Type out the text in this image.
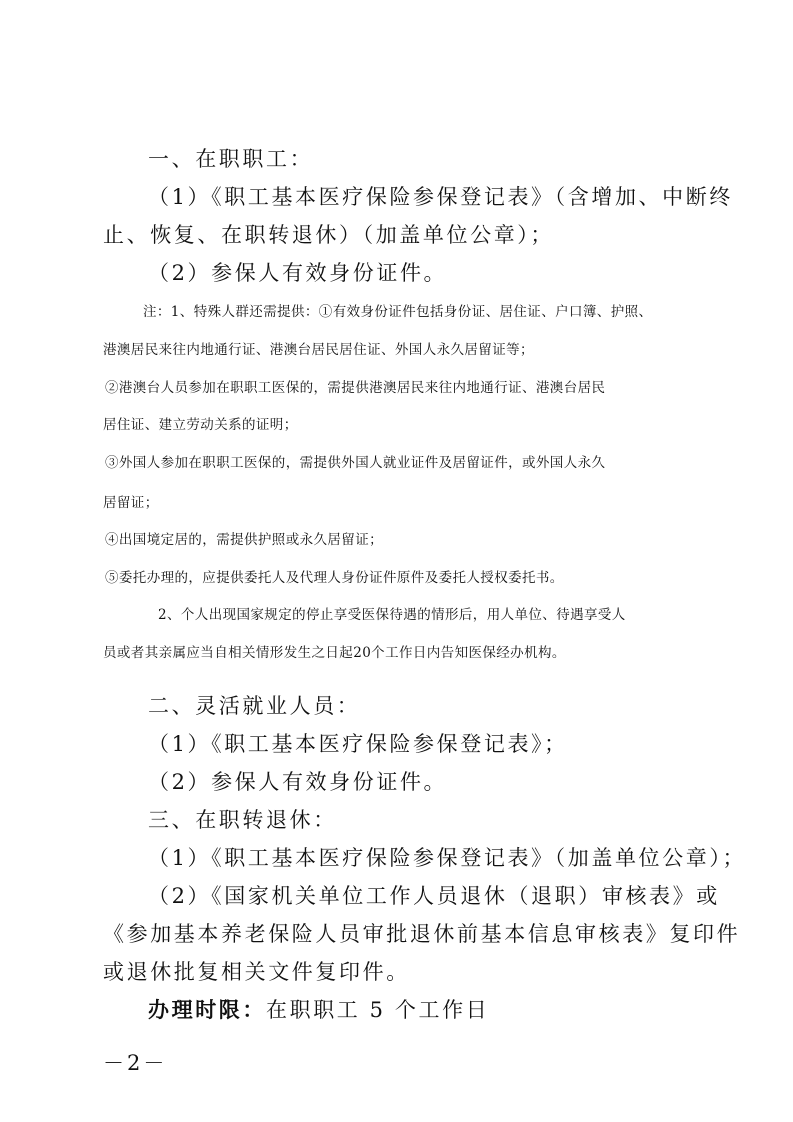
一、在职职工：

（1）《职工基本医疗保险参保登记表》（含增加、中断终

止、恢复、在职转退休）（加盖单位公章）；

（2）参保人有效身份证件。

注：1、特殊人群还需提供：①有效身份证件包括身份证、居住证、户口簿、护照、

港澳居民来往内地通行证、港澳台居民居住证、外国人永久居留证等；

②港澳台人员参加在职职工医保的，需提供港澳居民来往内地通行证、港澳台居民

居住证、建立劳动关系的证明；

③外国人参加在职职工医保的，需提供外国人就业证件及居留证件，或外国人永久

居留证；

④出国境定居的，需提供护照或永久居留证；

⑤委托办理的，应提供委托人及代理人身份证件原件及委托人授权委托书。

2、个人出现国家规定的停止享受医保待遇的情形后，用人单位、待遇享受人

员或者其亲属应当自相关情形发生之日起20个工作日内告知医保经办机构。

二、灵活就业人员：

（1）《职工基本医疗保险参保登记表》；

（2）参保人有效身份证件。

三、在职转退休：

（1）《职工基本医疗保险参保登记表》（加盖单位公章）；

（2）《国家机关单位工作人员退休（退职）审核表》或

《参加基本养老保险人员审批退休前基本信息审核表》复印件

或退休批复相关文件复印件。

办理时限：在职职工 5 个工作日

－2－
